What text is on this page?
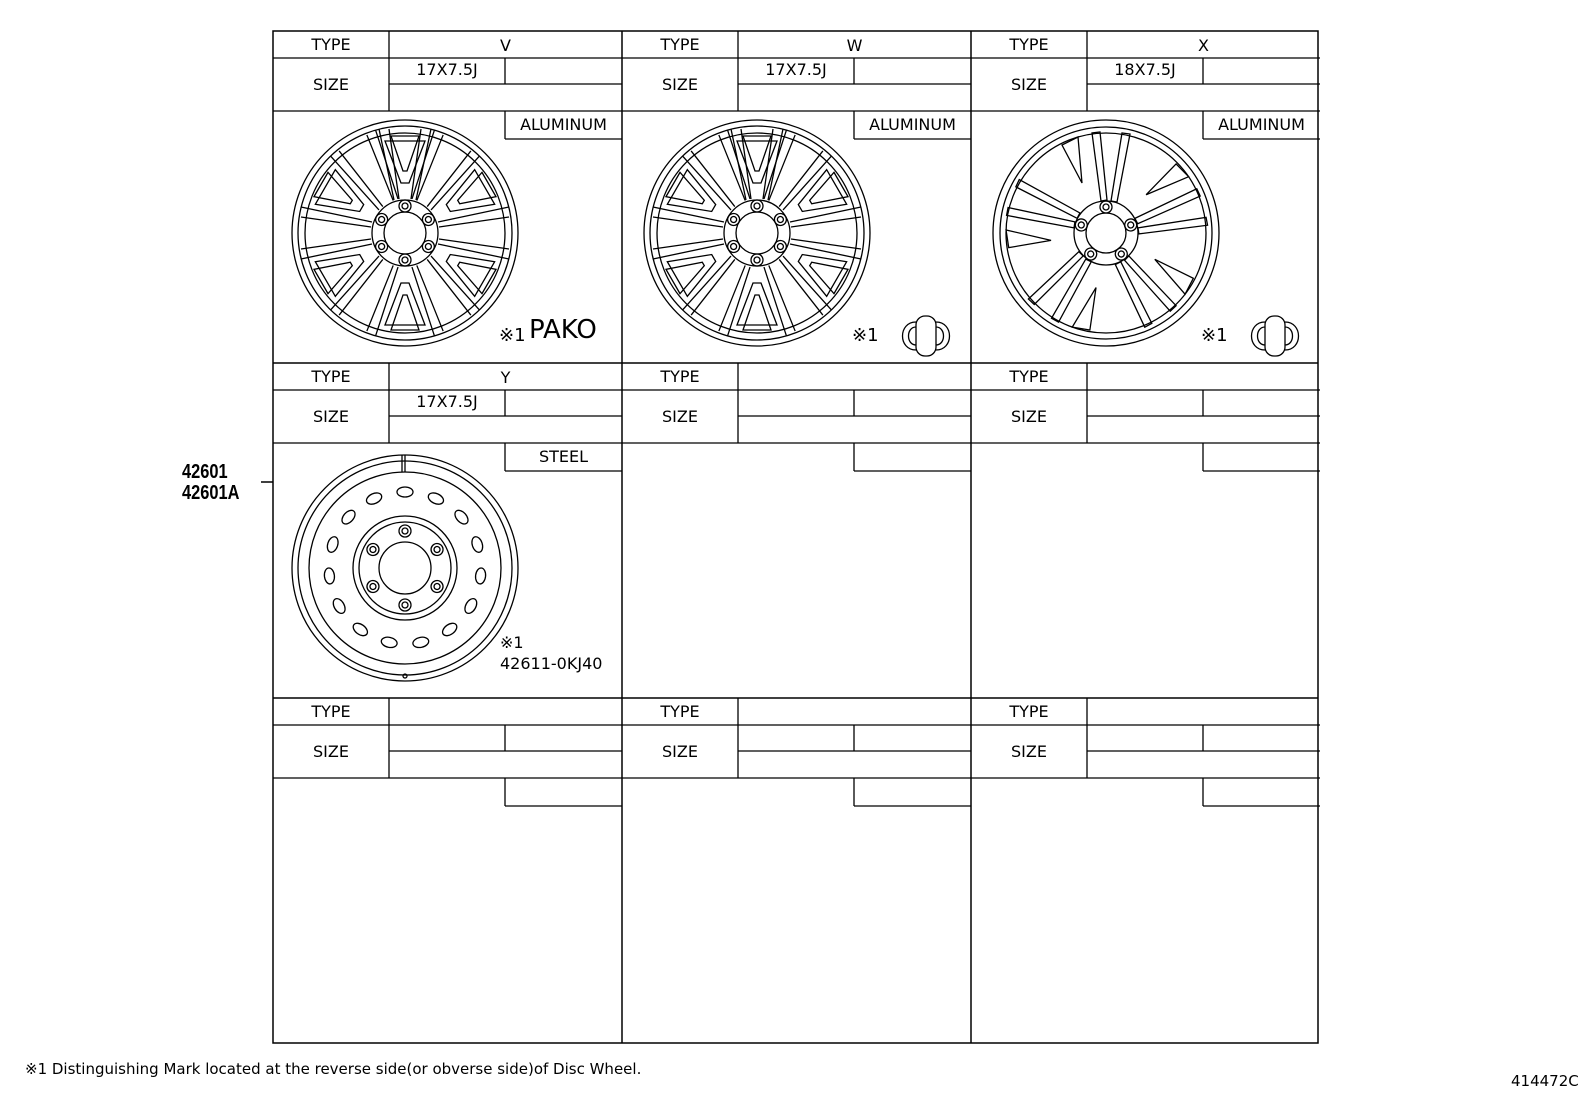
42601
42601A
TYPE
SIZE
V
17X7.5J
ALUMINUM
※1 PAKO
TYPE
SIZE
W
17X7.5J
ALUMINUM
※1
TYPE
SIZE
X
18X7.5J
ALUMINUM
※1
TYPE
SIZE
Y
17X7.5J
STEEL
※1
42611-0KJ40
TYPE
SIZE
TYPE
SIZE
TYPE
SIZE
TYPE
SIZE
TYPE
SIZE
※1 Distinguishing Mark located at the reverse side(or obverse side)of Disc Wheel.
414472C
